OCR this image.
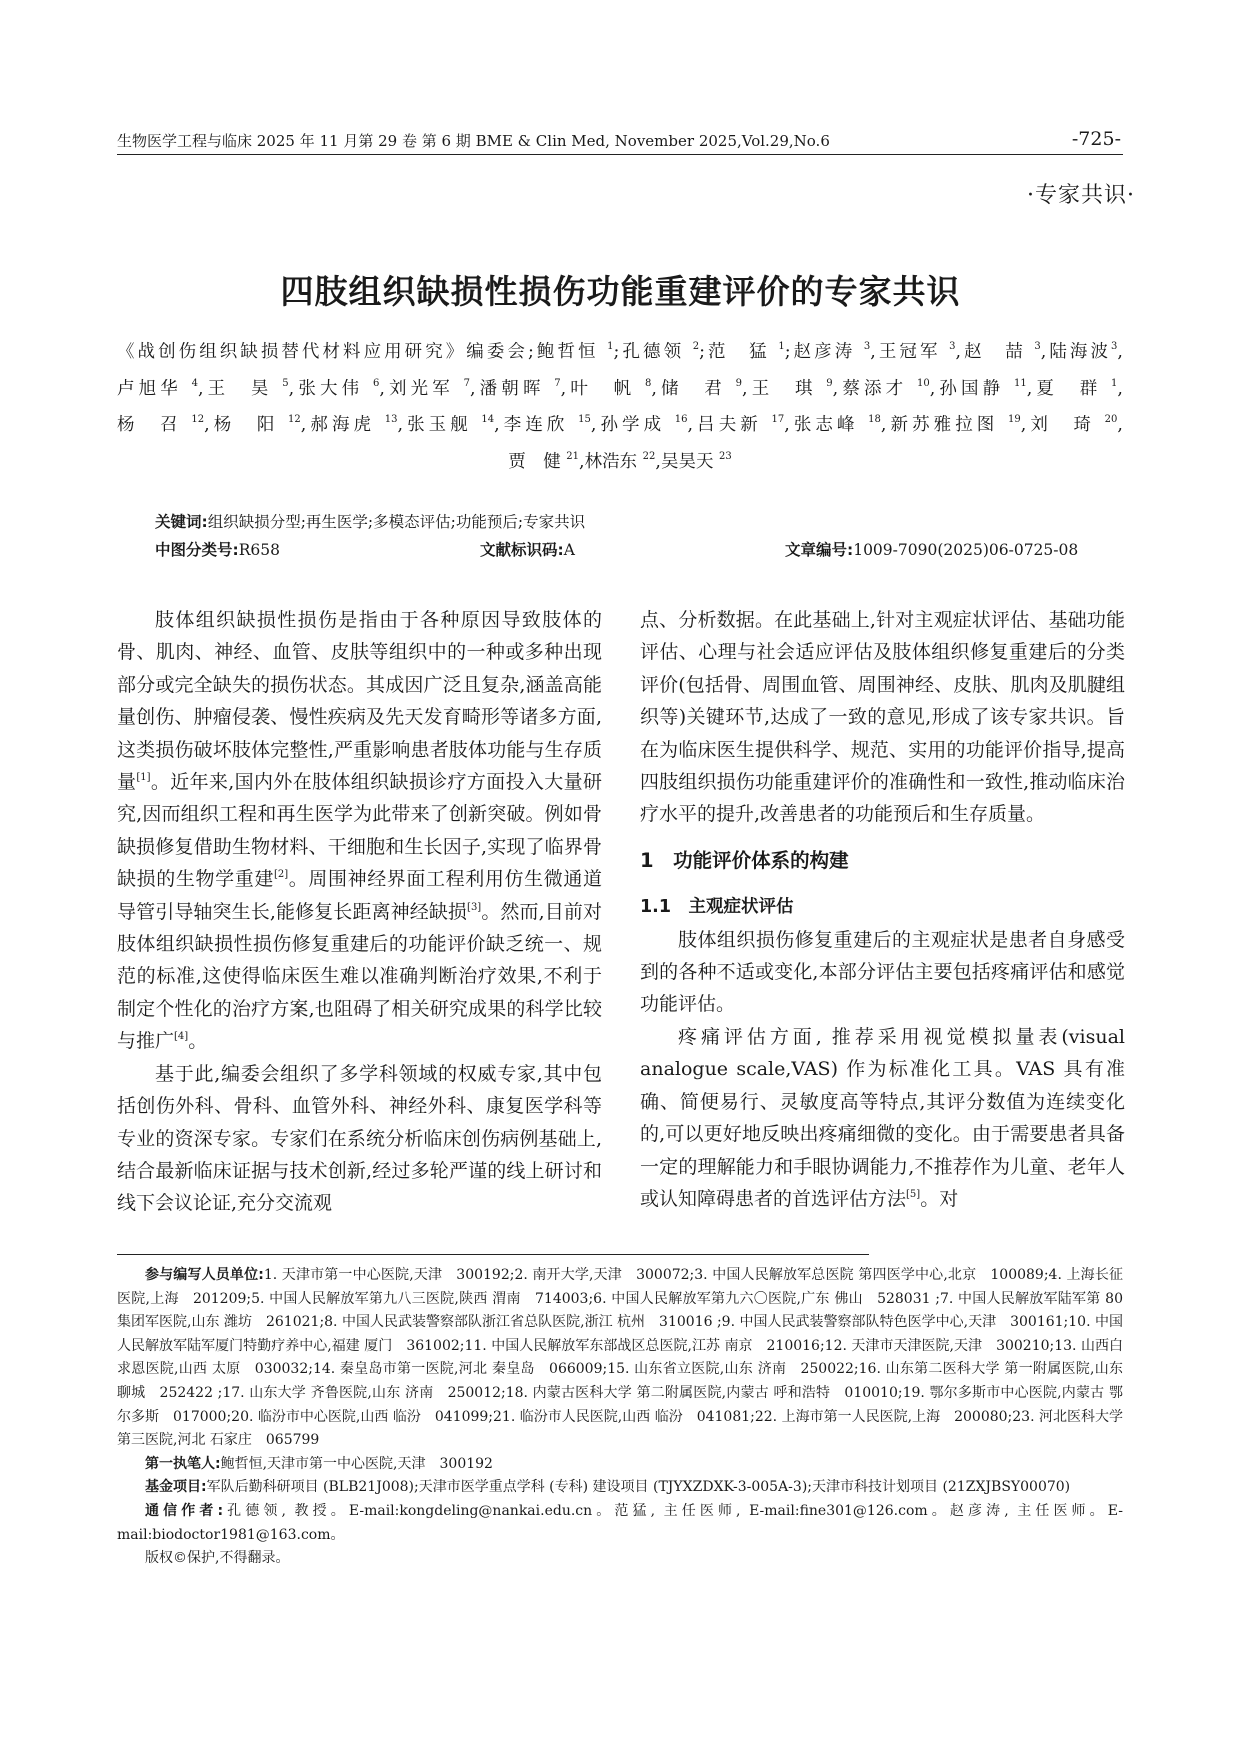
生物医学工程与临床 2025 年 11 月第 29 卷 第 6 期 BME & Clin Med, November 2025,Vol.29,No.6	-725-
·专家共识·
四肢组织缺损性损伤功能重建评价的专家共识
《战创伤组织缺损替代材料应用研究》编委会;鲍哲恒 $^1$;孔德领 $^2$;范　猛 $^1$;赵彦涛 $^3$,王冠军 $^3$,赵　喆 $^3$,陆海波$^3$,
卢旭华 $^4$,王　昊 $^5$,张大伟 $^6$,刘光军 $^7$,潘朝晖 $^7$,叶　帆 $^8$,储　君 $^9$,王　琪 $^9$,蔡添才 $^{10}$,孙国静 $^{11}$,夏　群 $^1$,
杨　召 $^{12}$,杨　阳 $^{12}$,郝海虎 $^{13}$,张玉舰 $^{14}$,李连欣 $^{15}$,孙学成 $^{16}$,吕夫新 $^{17}$,张志峰 $^{18}$,新苏雅拉图 $^{19}$,刘　琦 $^{20}$,
贾　健 $^{21}$,林浩东 $^{22}$,吴昊天 $^{23}$
关键词:组织缺损分型;再生医学;多模态评估;功能预后;专家共识
中图分类号:R658	文献标识码:A	文章编号:1009-7090(2025)06-0725-08

肢体组织缺损性损伤是指由于各种原因导致肢体的骨、肌肉、神经、血管、皮肤等组织中的一种或多种出现部分或完全缺失的损伤状态。其成因广泛且复杂,涵盖高能量创伤、肿瘤侵袭、慢性疾病及先天发育畸形等诸多方面,这类损伤破坏肢体完整性,严重影响患者肢体功能与生存质量[1]。近年来,国内外在肢体组织缺损诊疗方面投入大量研究,因而组织工程和再生医学为此带来了创新突破。例如骨缺损修复借助生物材料、干细胞和生长因子,实现了临界骨缺损的生物学重建[2]。周围神经界面工程利用仿生微通道导管引导轴突生长,能修复长距离神经缺损[3]。然而,目前对肢体组织缺损性损伤修复重建后的功能评价缺乏统一、规范的标准,这使得临床医生难以准确判断治疗效果,不利于制定个性化的治疗方案,也阻碍了相关研究成果的科学比较与推广[4]。

基于此,编委会组织了多学科领域的权威专家,其中包括创伤外科、骨科、血管外科、神经外科、康复医学科等专业的资深专家。专家们在系统分析临床创伤病例基础上,结合最新临床证据与技术创新,经过多轮严谨的线上研讨和线下会议论证,充分交流观

点、分析数据。在此基础上,针对主观症状评估、基础功能评估、心理与社会适应评估及肢体组织修复重建后的分类评价(包括骨、周围血管、周围神经、皮肤、肌肉及肌腱组织等)关键环节,达成了一致的意见,形成了该专家共识。旨在为临床医生提供科学、规范、实用的功能评价指导,提高四肢组织损伤功能重建评价的准确性和一致性,推动临床治疗水平的提升,改善患者的功能预后和生存质量。

1　功能评价体系的构建
1.1　主观症状评估

肢体组织损伤修复重建后的主观症状是患者自身感受到的各种不适或变化,本部分评估主要包括疼痛评估和感觉功能评估。

疼痛评估方面, 推荐采用视觉模拟量表(visual analogue scale,VAS) 作为标准化工具。VAS 具有准确、简便易行、灵敏度高等特点,其评分数值为连续变化的,可以更好地反映出疼痛细微的变化。由于需要患者具备一定的理解能力和手眼协调能力,不推荐作为儿童、老年人或认知障碍患者的首选评估方法[5]。对

参与编写人员单位:1. 天津市第一中心医院,天津　300192;2. 南开大学,天津　300072;3. 中国人民解放军总医院 第四医学中心,北京　100089;4. 上海长征医院,上海　201209;5. 中国人民解放军第九八三医院,陕西 渭南　714003;6. 中国人民解放军第九六〇医院,广东 佛山　528031 ;7. 中国人民解放军陆军第 80 集团军医院,山东 潍坊　261021;8. 中国人民武装警察部队浙江省总队医院,浙江 杭州　310016 ;9. 中国人民武装警察部队特色医学中心,天津　300161;10. 中国人民解放军陆军厦门特勤疗养中心,福建 厦门　361002;11. 中国人民解放军东部战区总医院,江苏 南京　210016;12. 天津市天津医院,天津　300210;13. 山西白求恩医院,山西 太原　030032;14. 秦皇岛市第一医院,河北 秦皇岛　066009;15. 山东省立医院,山东 济南　250022;16. 山东第二医科大学 第一附属医院,山东 聊城　252422 ;17. 山东大学 齐鲁医院,山东 济南　250012;18. 内蒙古医科大学 第二附属医院,内蒙古 呼和浩特　010010;19. 鄂尔多斯市中心医院,内蒙古 鄂尔多斯　017000;20. 临汾市中心医院,山西 临汾　041099;21. 临汾市人民医院,山西 临汾　041081;22. 上海市第一人民医院,上海　200080;23. 河北医科大学 第三医院,河北 石家庄　065799

第一执笔人:鲍哲恒,天津市第一中心医院,天津　300192

基金项目:军队后勤科研项目 (BLB21J008);天津市医学重点学科 (专科) 建设项目 (TJYXZDXK-3-005A-3);天津市科技计划项目 (21ZXJBSY00070)

通信作者:孔德领, 教授。E-mail:kongdeling@nankai.edu.cn。范猛, 主任医师, E-mail:fine301@126.com。赵彦涛, 主任医师。E-mail:biodoctor1981@163.com。

版权©保护,不得翻录。
